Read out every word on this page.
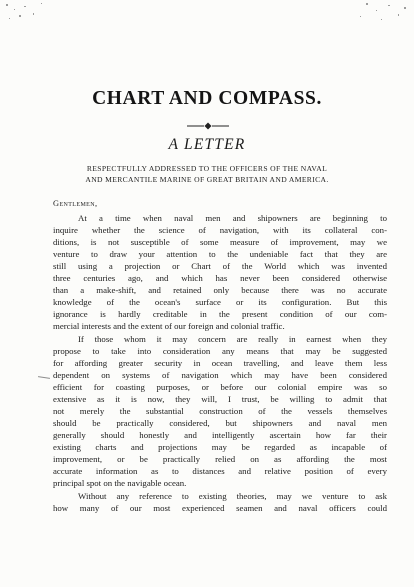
CHART AND COMPASS.
A LETTER
RESPECTFULLY ADDRESSED TO THE OFFICERS OF THE NAVAL
AND MERCANTILE MARINE OF GREAT BRITAIN AND AMERICA.
Gentlemen,
At a time when naval men and shipowners are beginning to
inquire whether the science of navigation, with its collateral con-
ditions, is not susceptible of some measure of improvement, may we
venture to draw your attention to the undeniable fact that they are
still using a projection or Chart of the World which was invented
three centuries ago, and which has never been considered otherwise
than a make-shift, and retained only because there was no accurate
knowledge of the ocean's surface or its configuration. But this
ignorance is hardly creditable in the present condition of our com-
mercial interests and the extent of our foreign and colonial traffic.
If those whom it may concern are really in earnest when they
propose to take into consideration any means that may be suggested
for affording greater security in ocean travelling, and leave them less
dependent on systems of navigation which may have been considered
efficient for coasting purposes, or before our colonial empire was so
extensive as it is now, they will, I trust, be willing to admit that
not merely the substantial construction of the vessels themselves
should be practically considered, but shipowners and naval men
generally should honestly and intelligently ascertain how far their
existing charts and projections may be regarded as incapable of
improvement, or be practically relied on as affording the most
accurate information as to distances and relative position of every
principal spot on the navigable ocean.
Without any reference to existing theories, may we venture to ask
how many of our most experienced seamen and naval officers could
